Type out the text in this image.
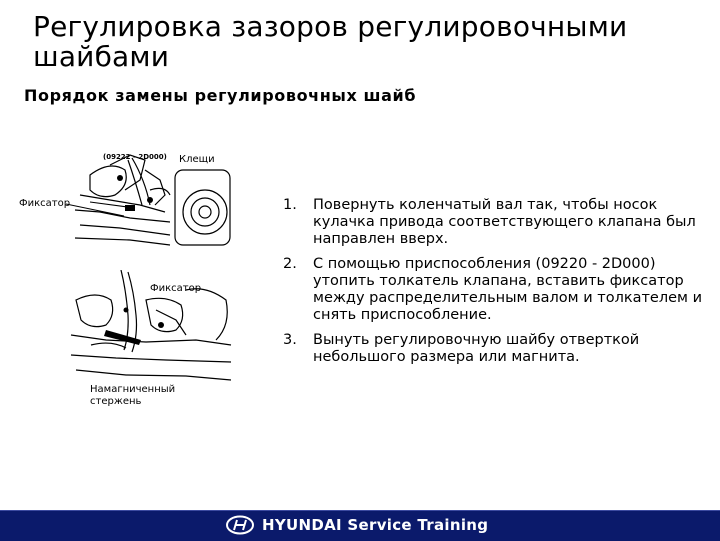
Регулировка зазоров регулировочными шайбами
Порядок замены регулировочных шайб
(09222 - 2D000) Клещи
Фиксатор
Фиксатор
Намагниченный
стержень
1. Повернуть коленчатый вал так, чтобы носок кулачка привода соответствующего клапана был направлен вверх.
2. С помощью приспособления (09220 - 2D000) утопить толкатель клапана, вставить фиксатор между распределительным валом и толкателем и снять приспособление.
3. Вынуть регулировочную шайбу отверткой небольшого размера или магнита.
HYUNDAI Service Training
